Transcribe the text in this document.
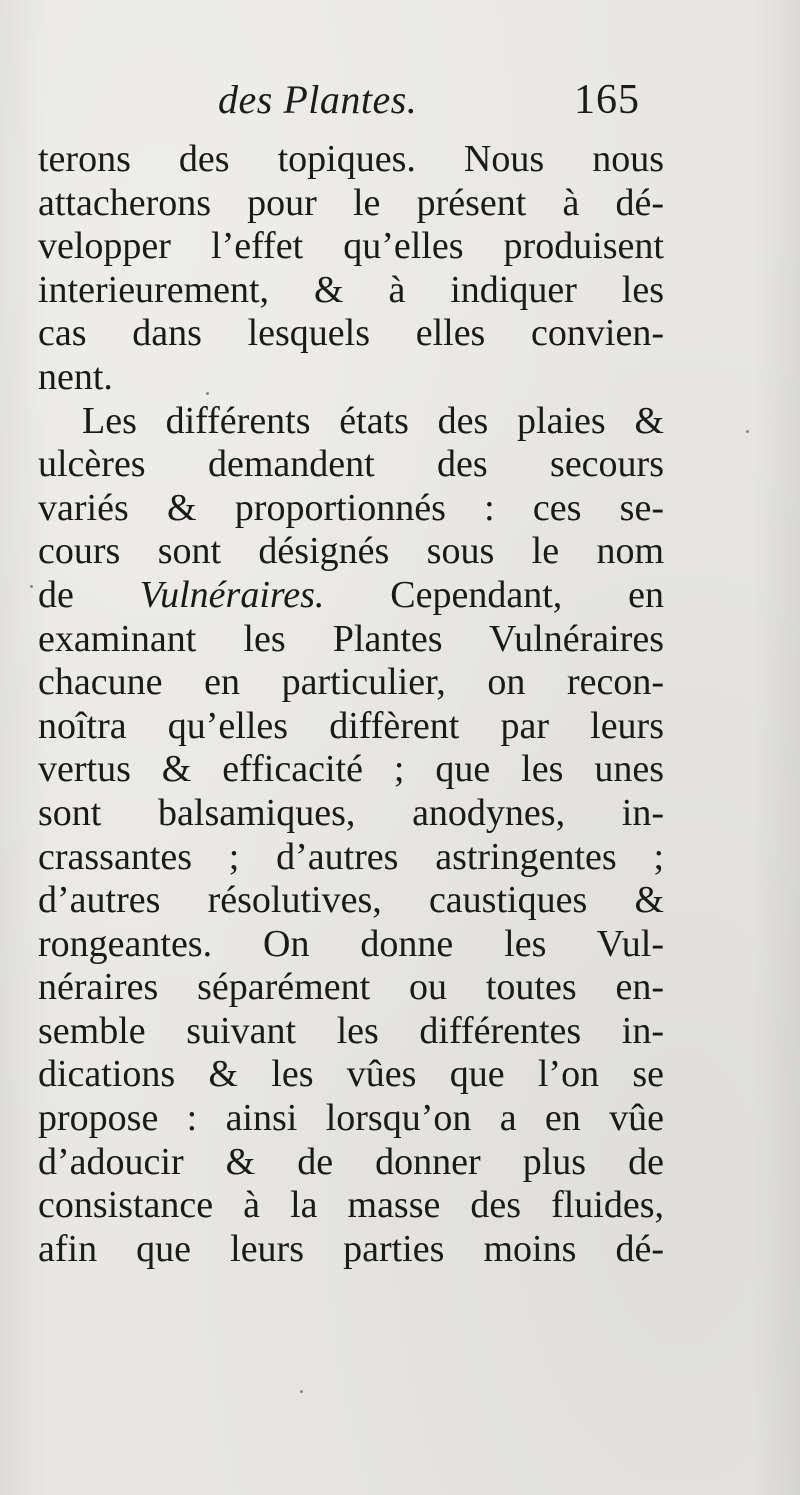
des Plantes.	165
terons des topiques. Nous nous
attacherons pour le présent à dé-
velopper l’effet qu’elles produisent
interieurement, & à indiquer les
cas dans lesquels elles convien-
nent.
Les différents états des plaies &
ulcères demandent des secours
variés & proportionnés : ces se-
cours sont désignés sous le nom
de Vulnéraires. Cependant, en
examinant les Plantes Vulnéraires
chacune en particulier, on recon-
noîtra qu’elles diffèrent par leurs
vertus & efficacité ; que les unes
sont balsamiques, anodynes, in-
crassantes ; d’autres astringentes ;
d’autres résolutives, caustiques &
rongeantes. On donne les Vul-
néraires séparément ou toutes en-
semble suivant les différentes in-
dications & les vûes que l’on se
propose : ainsi lorsqu’on a en vûe
d’adoucir & de donner plus de
consistance à la masse des fluides,
afin que leurs parties moins dé-
